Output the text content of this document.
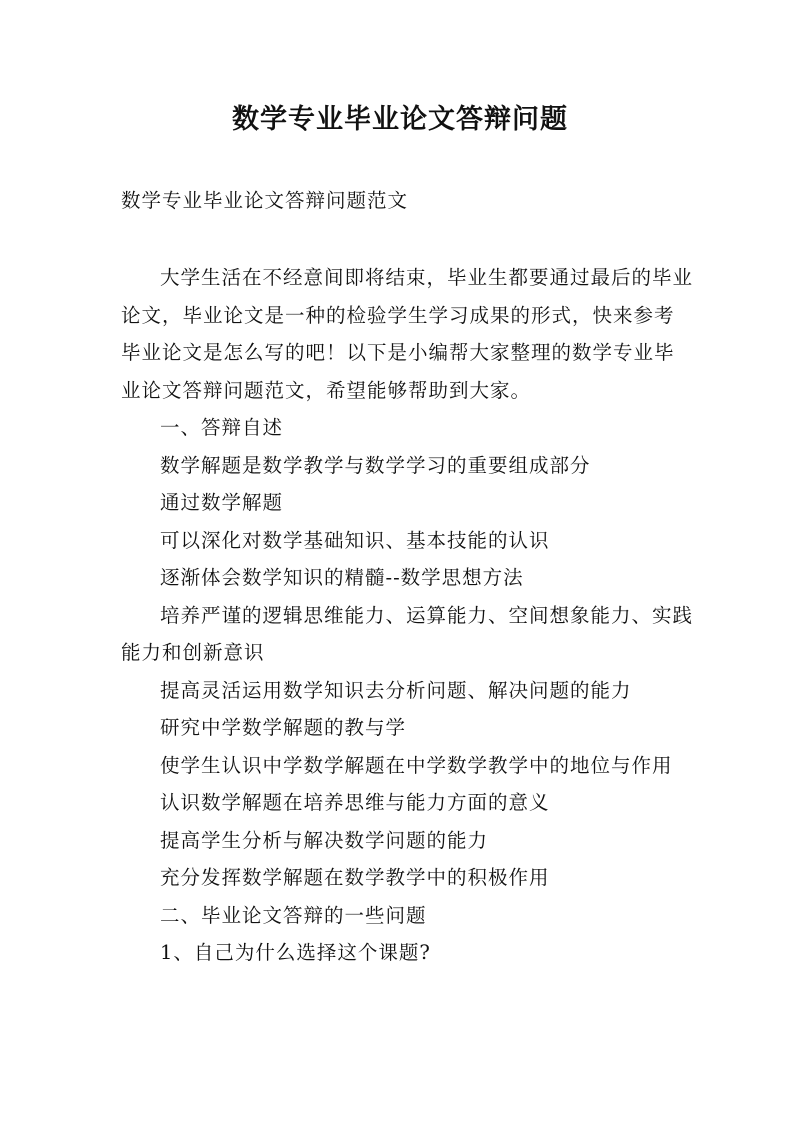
数学专业毕业论文答辩问题
数学专业毕业论文答辩问题范文

大学生活在不经意间即将结束，毕业生都要通过最后的毕业论文，毕业论文是一种的检验学生学习成果的形式，快来参考毕业论文是怎么写的吧！以下是小编帮大家整理的数学专业毕业论文答辩问题范文，希望能够帮助到大家。

一、答辩自述

数学解题是数学教学与数学学习的重要组成部分

通过数学解题

可以深化对数学基础知识、基本技能的认识

逐渐体会数学知识的精髓--数学思想方法

培养严谨的逻辑思维能力、运算能力、空间想象能力、实践能力和创新意识

提高灵活运用数学知识去分析问题、解决问题的能力

研究中学数学解题的教与学

使学生认识中学数学解题在中学数学教学中的地位与作用

认识数学解题在培养思维与能力方面的意义

提高学生分析与解决数学问题的能力

充分发挥数学解题在数学教学中的积极作用

二、毕业论文答辩的一些问题

1、自己为什么选择这个课题?
